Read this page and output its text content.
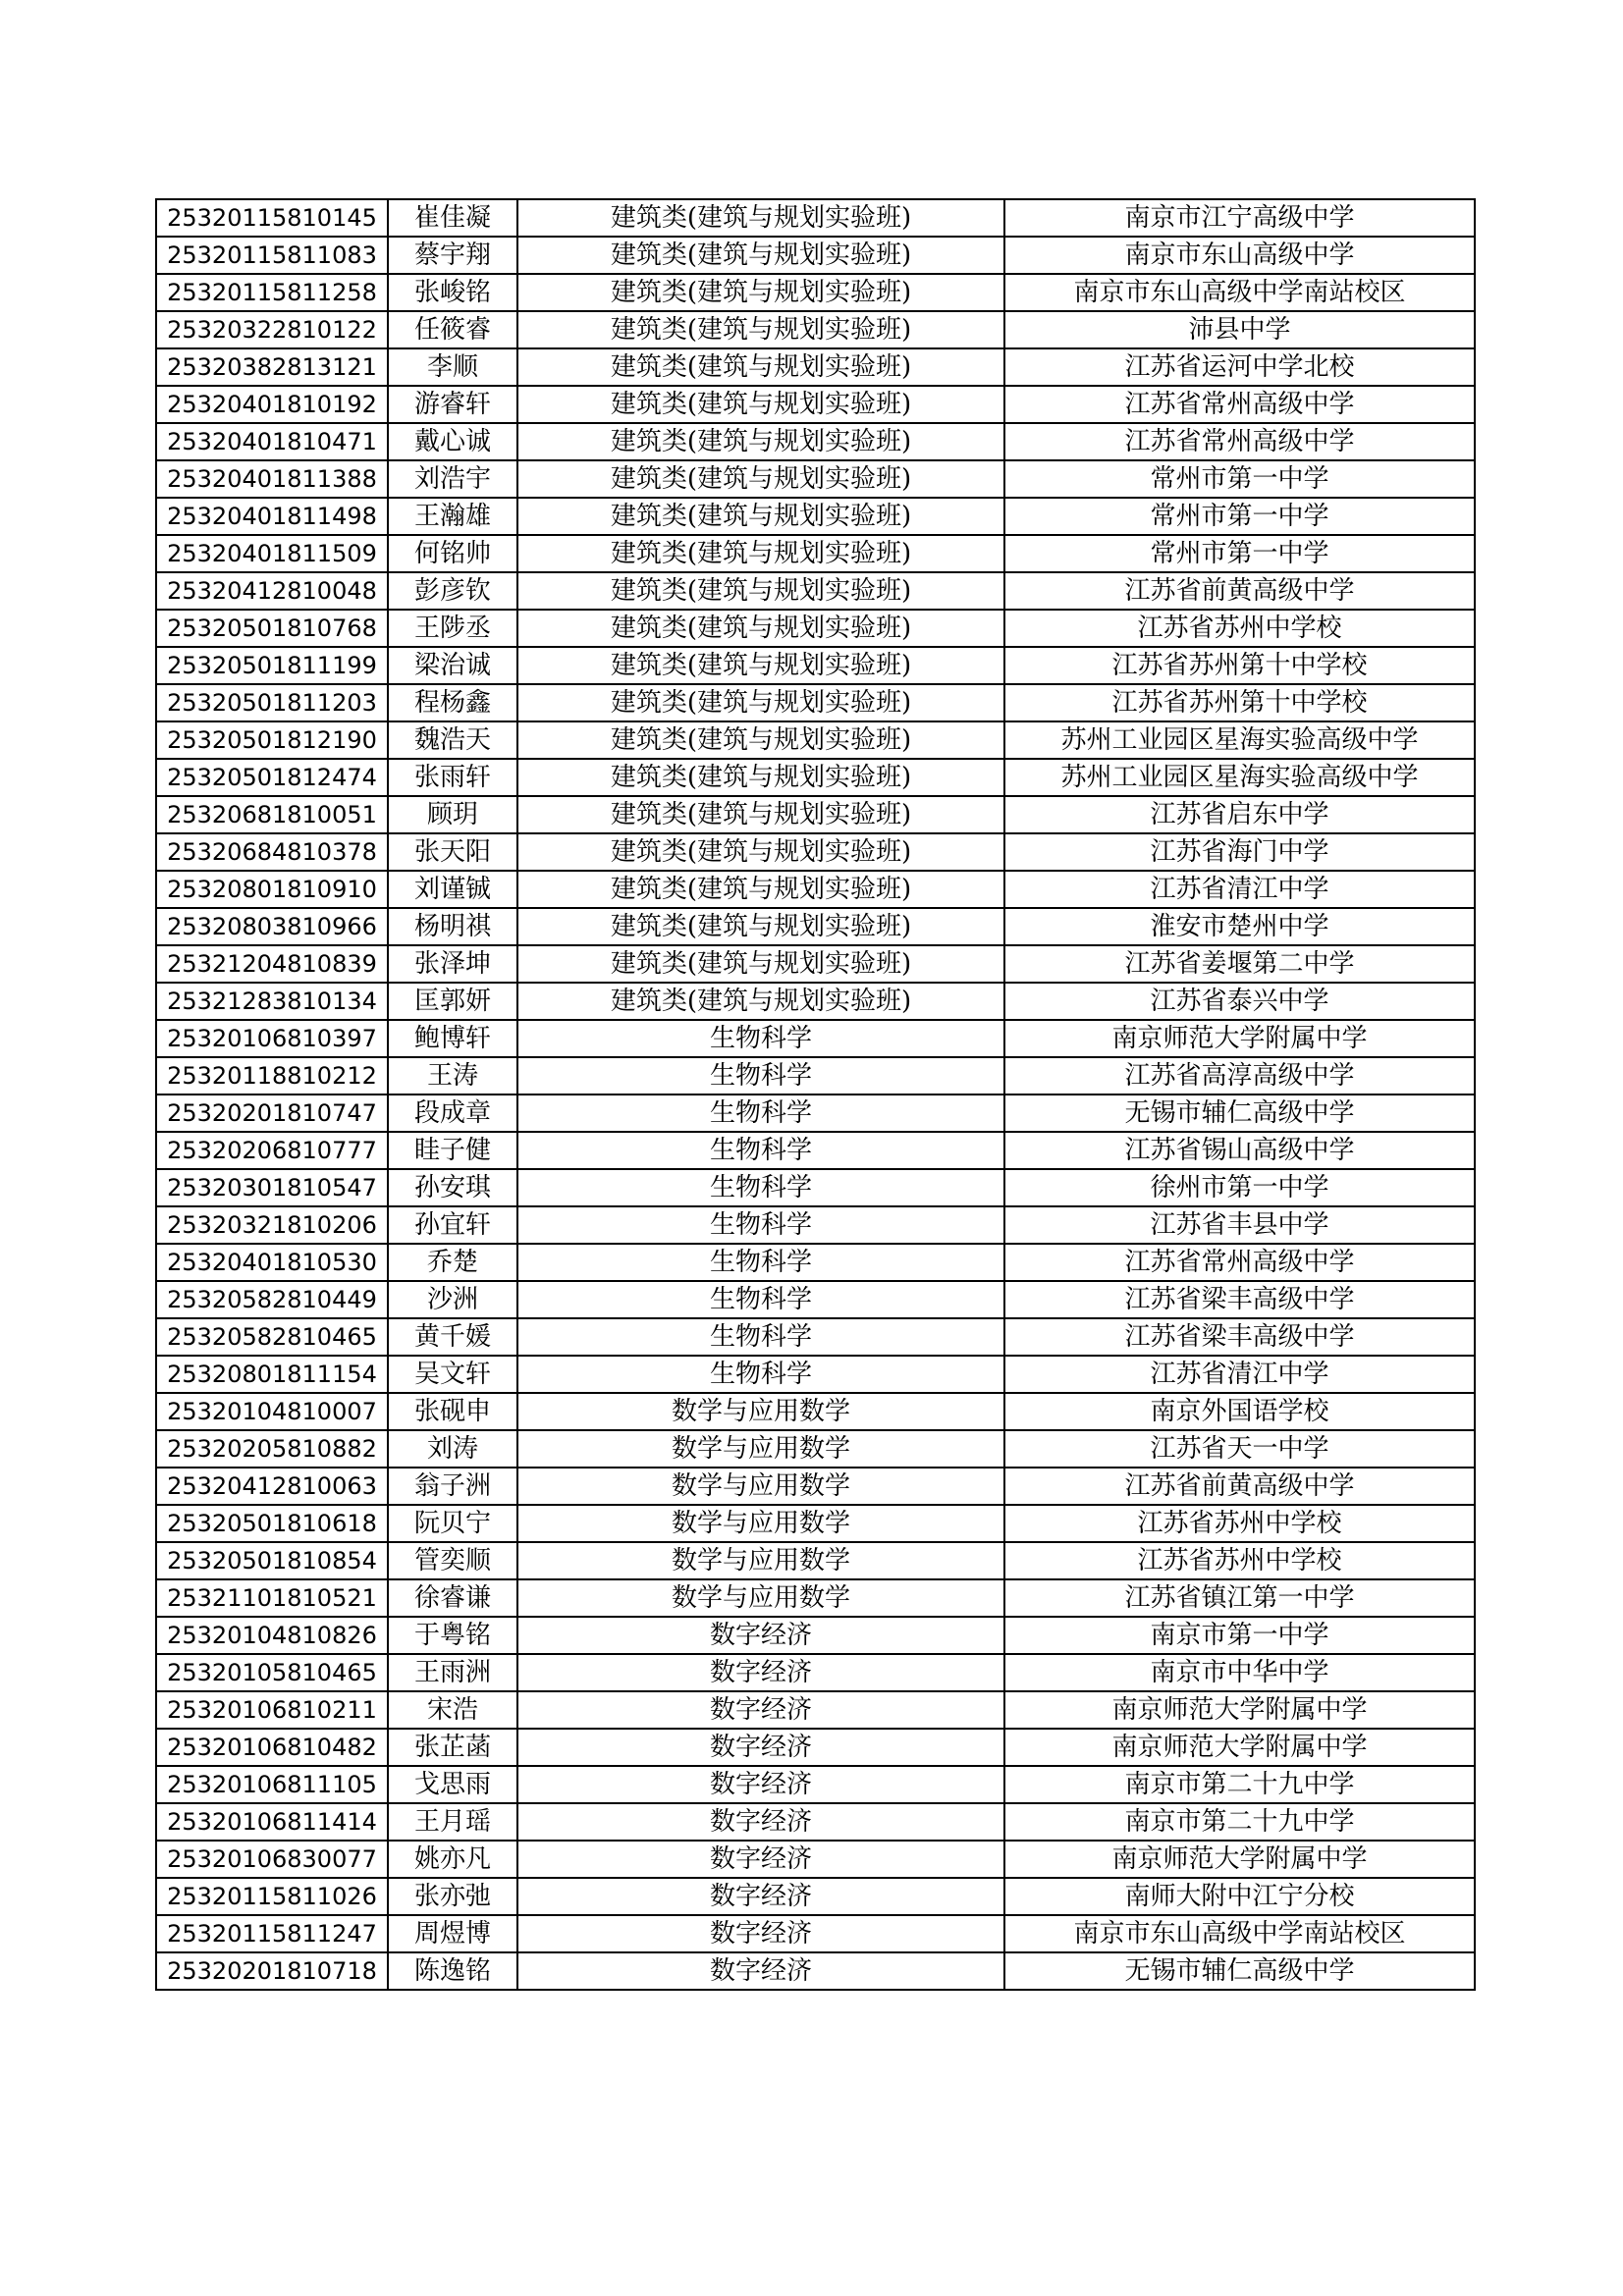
25320115810145	崔佳凝	建筑类(建筑与规划实验班)	南京市江宁高级中学
25320115811083	蔡宇翔	建筑类(建筑与规划实验班)	南京市东山高级中学
25320115811258	张峻铭	建筑类(建筑与规划实验班)	南京市东山高级中学南站校区
25320322810122	任筱睿	建筑类(建筑与规划实验班)	沛县中学
25320382813121	李顺	建筑类(建筑与规划实验班)	江苏省运河中学北校
25320401810192	游睿轩	建筑类(建筑与规划实验班)	江苏省常州高级中学
25320401810471	戴心诚	建筑类(建筑与规划实验班)	江苏省常州高级中学
25320401811388	刘浩宇	建筑类(建筑与规划实验班)	常州市第一中学
25320401811498	王瀚雄	建筑类(建筑与规划实验班)	常州市第一中学
25320401811509	何铭帅	建筑类(建筑与规划实验班)	常州市第一中学
25320412810048	彭彦钦	建筑类(建筑与规划实验班)	江苏省前黄高级中学
25320501810768	王陟丞	建筑类(建筑与规划实验班)	江苏省苏州中学校
25320501811199	梁治诚	建筑类(建筑与规划实验班)	江苏省苏州第十中学校
25320501811203	程杨鑫	建筑类(建筑与规划实验班)	江苏省苏州第十中学校
25320501812190	魏浩天	建筑类(建筑与规划实验班)	苏州工业园区星海实验高级中学
25320501812474	张雨轩	建筑类(建筑与规划实验班)	苏州工业园区星海实验高级中学
25320681810051	顾玥	建筑类(建筑与规划实验班)	江苏省启东中学
25320684810378	张天阳	建筑类(建筑与规划实验班)	江苏省海门中学
25320801810910	刘谨铖	建筑类(建筑与规划实验班)	江苏省清江中学
25320803810966	杨明祺	建筑类(建筑与规划实验班)	淮安市楚州中学
25321204810839	张泽坤	建筑类(建筑与规划实验班)	江苏省姜堰第二中学
25321283810134	匡郭妍	建筑类(建筑与规划实验班)	江苏省泰兴中学
25320106810397	鲍博轩	生物科学	南京师范大学附属中学
25320118810212	王涛	生物科学	江苏省高淳高级中学
25320201810747	段成章	生物科学	无锡市辅仁高级中学
25320206810777	眭子健	生物科学	江苏省锡山高级中学
25320301810547	孙安琪	生物科学	徐州市第一中学
25320321810206	孙宜轩	生物科学	江苏省丰县中学
25320401810530	乔楚	生物科学	江苏省常州高级中学
25320582810449	沙洲	生物科学	江苏省梁丰高级中学
25320582810465	黄千媛	生物科学	江苏省梁丰高级中学
25320801811154	吴文轩	生物科学	江苏省清江中学
25320104810007	张砚申	数学与应用数学	南京外国语学校
25320205810882	刘涛	数学与应用数学	江苏省天一中学
25320412810063	翁子洲	数学与应用数学	江苏省前黄高级中学
25320501810618	阮贝宁	数学与应用数学	江苏省苏州中学校
25320501810854	管奕顺	数学与应用数学	江苏省苏州中学校
25321101810521	徐睿谦	数学与应用数学	江苏省镇江第一中学
25320104810826	于粤铭	数字经济	南京市第一中学
25320105810465	王雨洲	数字经济	南京市中华中学
25320106810211	宋浩	数字经济	南京师范大学附属中学
25320106810482	张芷菡	数字经济	南京师范大学附属中学
25320106811105	戈思雨	数字经济	南京市第二十九中学
25320106811414	王月瑶	数字经济	南京市第二十九中学
25320106830077	姚亦凡	数字经济	南京师范大学附属中学
25320115811026	张亦弛	数字经济	南师大附中江宁分校
25320115811247	周煜博	数字经济	南京市东山高级中学南站校区
25320201810718	陈逸铭	数字经济	无锡市辅仁高级中学
